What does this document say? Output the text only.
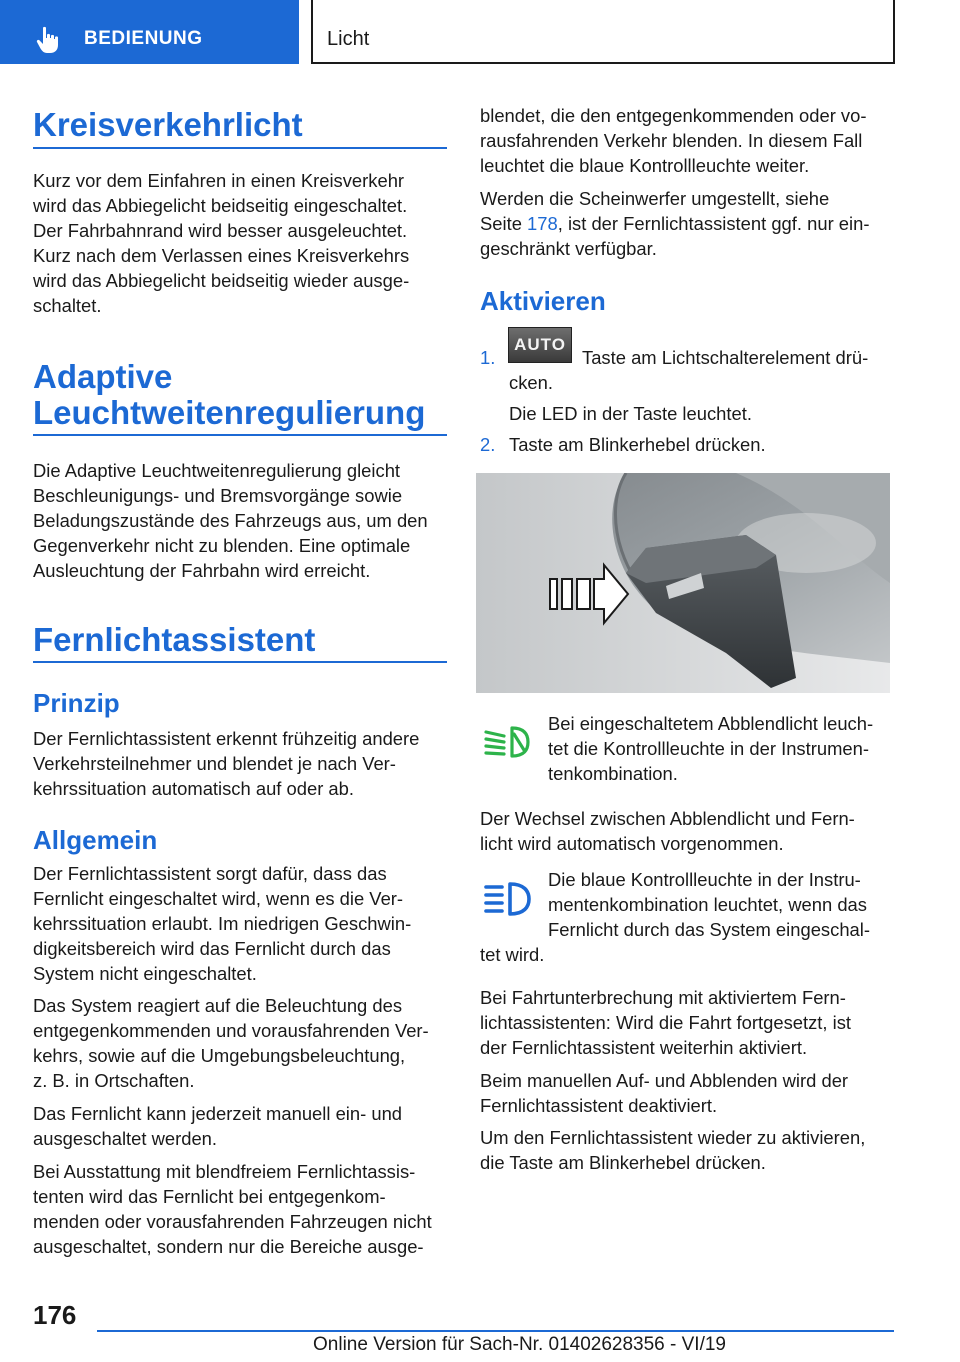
BEDIENUNG	Licht
Kreisverkehrlicht
Kurz vor dem Einfahren in einen Kreisverkehr
wird das Abbiegelicht beidseitig eingeschaltet.
Der Fahrbahnrand wird besser ausgeleuchtet.
Kurz nach dem Verlassen eines Kreisverkehrs
wird das Abbiegelicht beidseitig wieder ausge‐
schaltet.
Adaptive
Leuchtweitenregulierung
Die Adaptive Leuchtweitenregulierung gleicht
Beschleunigungs- und Bremsvorgänge sowie
Beladungszustände des Fahrzeugs aus, um den
Gegenverkehr nicht zu blenden. Eine optimale
Ausleuchtung der Fahrbahn wird erreicht.
Fernlichtassistent
Prinzip
Der Fernlichtassistent erkennt frühzeitig andere
Verkehrsteilnehmer und blendet je nach Ver‐
kehrssituation automatisch auf oder ab.
Allgemein
Der Fernlichtassistent sorgt dafür, dass das
Fernlicht eingeschaltet wird, wenn es die Ver‐
kehrssituation erlaubt. Im niedrigen Geschwin‐
digkeitsbereich wird das Fernlicht durch das
System nicht eingeschaltet.
Das System reagiert auf die Beleuchtung des
entgegenkommenden und vorausfahrenden Ver‐
kehrs, sowie auf die Umgebungsbeleuchtung,
z. B. in Ortschaften.
Das Fernlicht kann jederzeit manuell ein- und
ausgeschaltet werden.
Bei Ausstattung mit blendfreiem Fernlichtassis‐
tenten wird das Fernlicht bei entgegenkom‐
menden oder vorausfahrenden Fahrzeugen nicht
ausgeschaltet, sondern nur die Bereiche ausge‐
blendet, die den entgegenkommenden oder vo‐
rausfahrenden Verkehr blenden. In diesem Fall
leuchtet die blaue Kontrollleuchte weiter.
Werden die Scheinwerfer umgestellt, siehe
Seite 178, ist der Fernlichtassistent ggf. nur ein‐
geschränkt verfügbar.
Aktivieren
1.
AUTO
Taste am Lichtschalterelement drü‐
cken.
Die LED in der Taste leuchtet.
2. Taste am Blinkerhebel drücken.
Bei eingeschaltetem Abblendlicht leuch‐
tet die Kontrollleuchte in der Instrumen‐
tenkombination.
Der Wechsel zwischen Abblendlicht und Fern‐
licht wird automatisch vorgenommen.
Die blaue Kontrollleuchte in der Instru‐
mentenkombination leuchtet, wenn das
Fernlicht durch das System eingeschal‐
tet wird.
Bei Fahrtunterbrechung mit aktiviertem Fern‐
lichtassistenten: Wird die Fahrt fortgesetzt, ist
der Fernlichtassistent weiterhin aktiviert.
Beim manuellen Auf- und Abblenden wird der
Fernlichtassistent deaktiviert.
Um den Fernlichtassistent wieder zu aktivieren,
die Taste am Blinkerhebel drücken.
176
Online Version für Sach-Nr. 01402628356 - VI/19
